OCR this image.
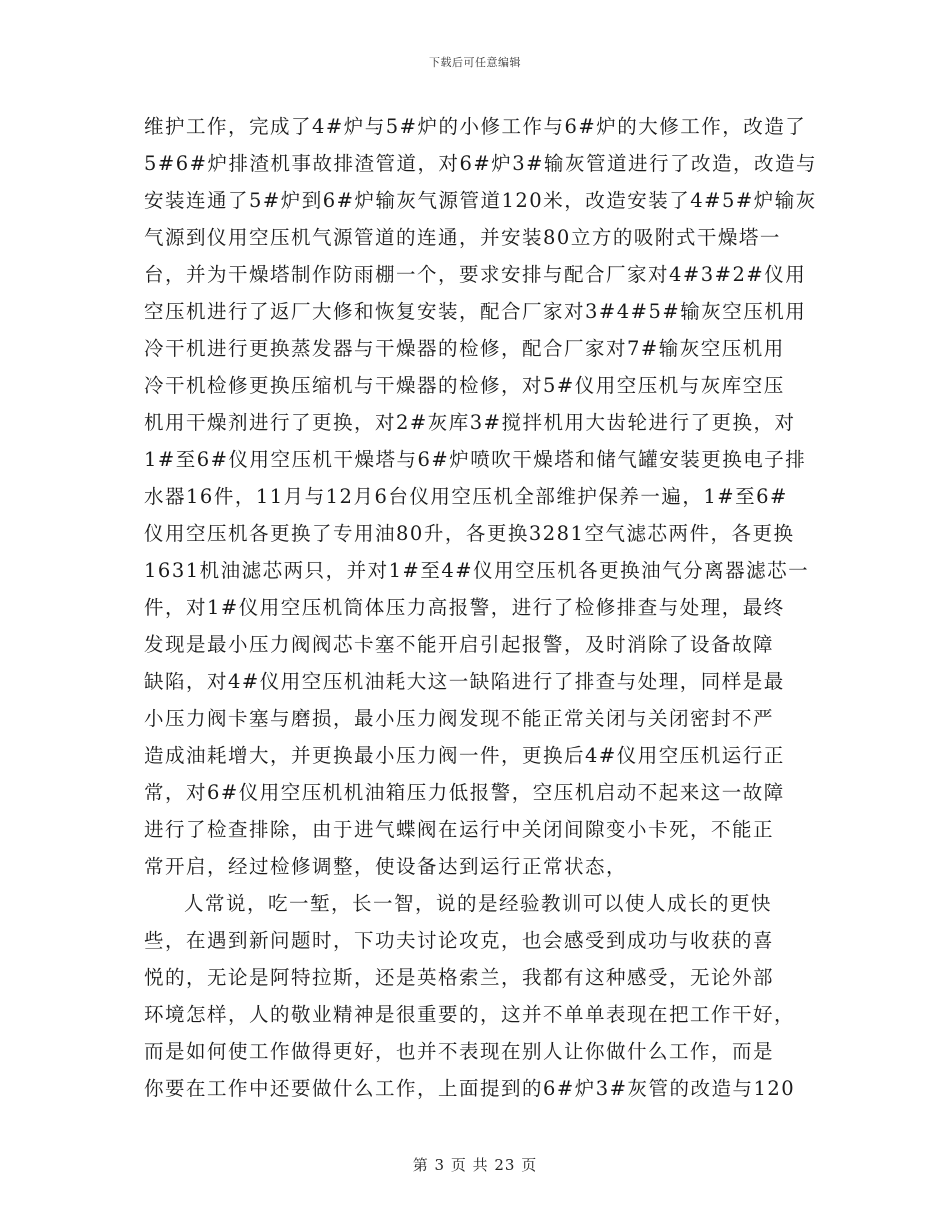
下载后可任意编辑
维护工作，完成了4#炉与5#炉的小修工作与6#炉的大修工作，改造了
5#6#炉排渣机事故排渣管道，对6#炉3#输灰管道进行了改造，改造与
安装连通了5#炉到6#炉输灰气源管道120米，改造安装了4#5#炉输灰
气源到仪用空压机气源管道的连通，并安装80立方的吸附式干燥塔一
台，并为干燥塔制作防雨棚一个，要求安排与配合厂家对4#3#2#仪用
空压机进行了返厂大修和恢复安装，配合厂家对3#4#5#输灰空压机用
冷干机进行更换蒸发器与干燥器的检修，配合厂家对7#输灰空压机用
冷干机检修更换压缩机与干燥器的检修，对5#仪用空压机与灰库空压
机用干燥剂进行了更换，对2#灰库3#搅拌机用大齿轮进行了更换，对
1#至6#仪用空压机干燥塔与6#炉喷吹干燥塔和储气罐安装更换电子排
水器16件，11月与12月6台仪用空压机全部维护保养一遍，1#至6#
仪用空压机各更换了专用油80升，各更换3281空气滤芯两件，各更换
1631机油滤芯两只，并对1#至4#仪用空压机各更换油气分离器滤芯一
件，对1#仪用空压机筒体压力高报警，进行了检修排查与处理，最终
发现是最小压力阀阀芯卡塞不能开启引起报警，及时消除了设备故障
缺陷，对4#仪用空压机油耗大这一缺陷进行了排查与处理，同样是最
小压力阀卡塞与磨损，最小压力阀发现不能正常关闭与关闭密封不严
造成油耗增大，并更换最小压力阀一件，更换后4#仪用空压机运行正
常，对6#仪用空压机机油箱压力低报警，空压机启动不起来这一故障
进行了检查排除，由于进气蝶阀在运行中关闭间隙变小卡死，不能正
常开启，经过检修调整，使设备达到运行正常状态，
人常说，吃一堑，长一智，说的是经验教训可以使人成长的更快
些，在遇到新问题时，下功夫讨论攻克，也会感受到成功与收获的喜
悦的，无论是阿特拉斯，还是英格索兰，我都有这种感受，无论外部
环境怎样，人的敬业精神是很重要的，这并不单单表现在把工作干好，
而是如何使工作做得更好，也并不表现在别人让你做什么工作，而是
你要在工作中还要做什么工作，上面提到的6#炉3#灰管的改造与120
第 3 页 共 23 页
